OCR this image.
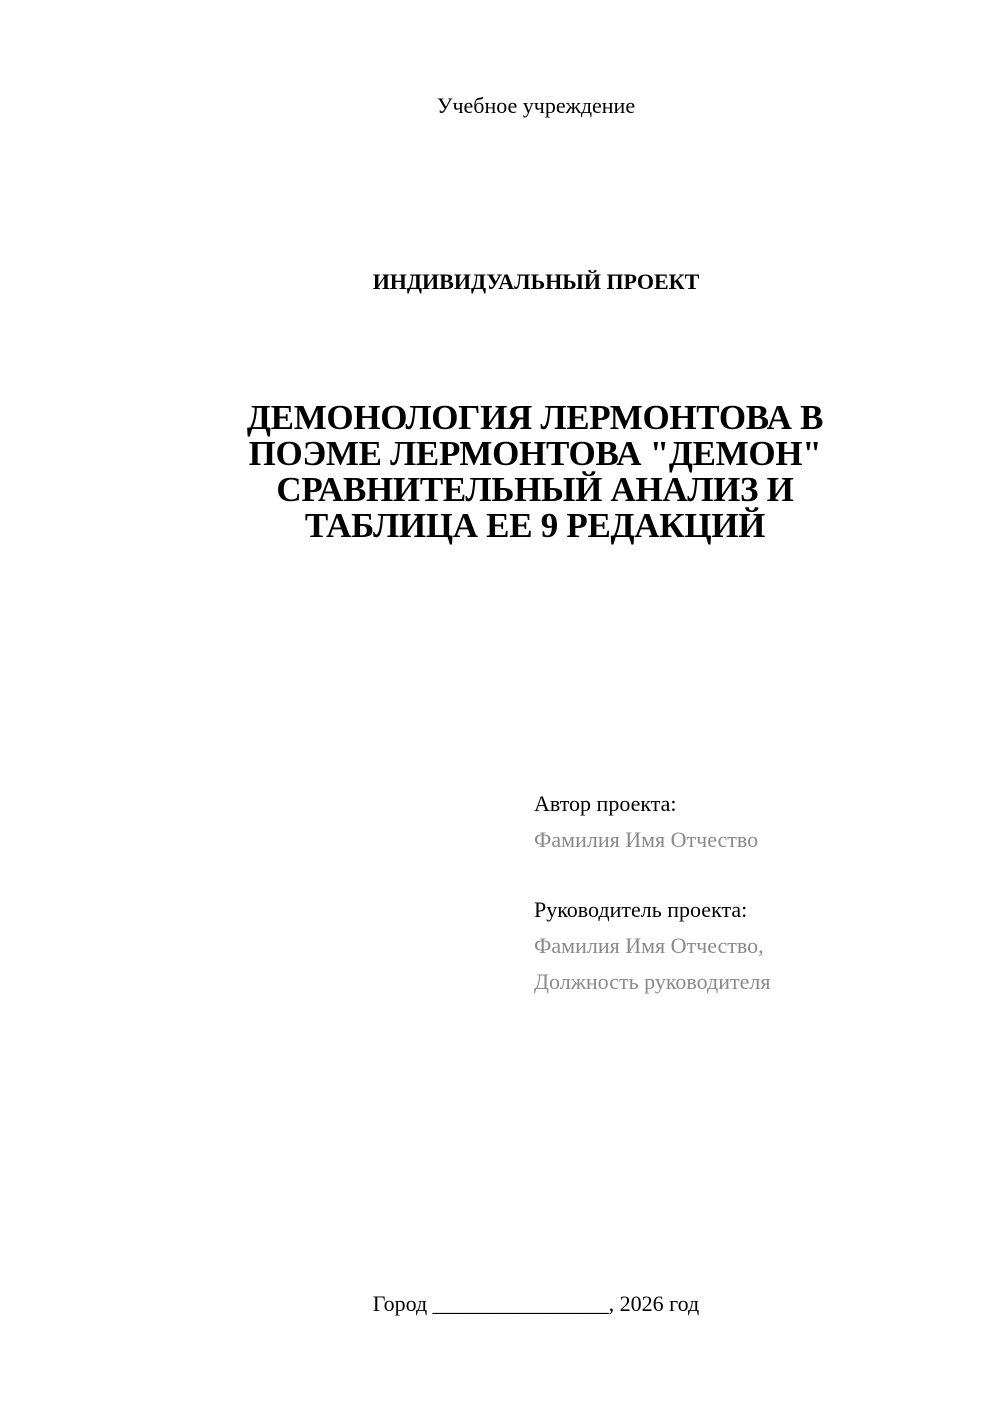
Учебное учреждение
ИНДИВИДУАЛЬНЫЙ ПРОЕКТ
ДЕМОНОЛОГИЯ ЛЕРМОНТОВА В
ПОЭМЕ ЛЕРМОНТОВА "ДЕМОН"
СРАВНИТЕЛЬНЫЙ АНАЛИЗ И
ТАБЛИЦА ЕЕ 9 РЕДАКЦИЙ
Автор проекта:
Фамилия Имя Отчество
Руководитель проекта:
Фамилия Имя Отчество,
Должность руководителя
Город ________________, 2026 год
